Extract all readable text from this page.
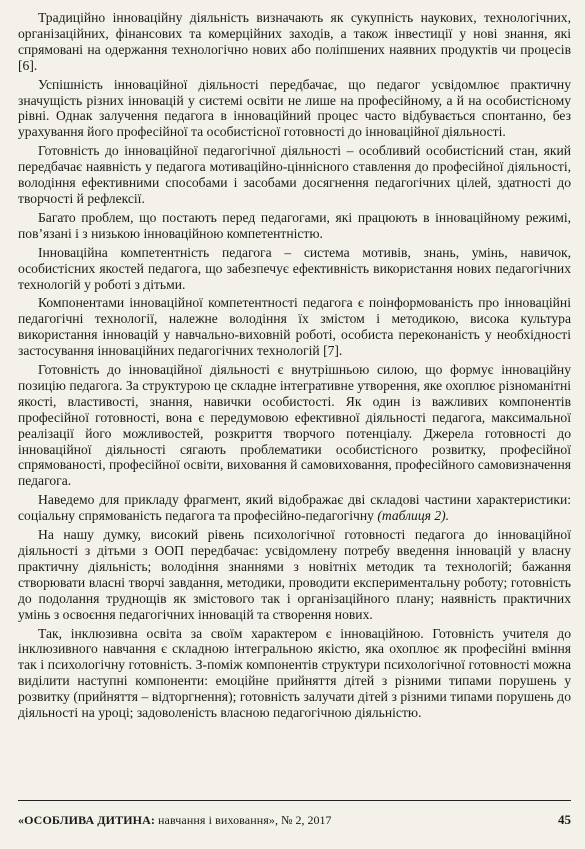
Традиційно інноваційну діяльність визначають як сукупність наукових, технологічних, організаційних, фінансових та комерційних заходів, а також інвестиції у нові знання, які спрямовані на одержання технологічно нових або поліпшених наявних продуктів чи процесів [6].

Успішність інноваційної діяльності передбачає, що педагог усвідомлює практичну значущість різних інновацій у системі освіти не лише на професійному, а й на особистісному рівні. Однак залучення педагога в інноваційний процес часто відбувається спонтанно, без урахування його професійної та особистісної готовності до інноваційної діяльності.

Готовність до інноваційної педагогічної діяльності – особливий особистісний стан, який передбачає наявність у педагога мотиваційно-ціннісного ставлення до професійної діяльності, володіння ефективними способами і засобами досягнення педагогічних цілей, здатності до творчості й рефлексії.

Багато проблем, що постають перед педагогами, які працюють в інноваційному режимі, пов’язані і з низькою інноваційною компетентністю.

Інноваційна компетентність педагога – система мотивів, знань, умінь, навичок, особистісних якостей педагога, що забезпечує ефективність використання нових педагогічних технологій у роботі з дітьми.

Компонентами інноваційної компетентності педагога є поінформованість про інноваційні педагогічні технології, належне володіння їх змістом і методикою, висока культура використання інновацій у навчально-виховній роботі, особиста переконаність у необхідності застосування інноваційних педагогічних технологій [7].

Готовність до інноваційної діяльності є внутрішньою силою, що формує інноваційну позицію педагога. За структурою це складне інтегративне утворення, яке охоплює різноманітні якості, властивості, знання, навички особистості. Як один із важливих компонентів професійної готовності, вона є передумовою ефективної діяльності педагога, максимальної реалізації його можливостей, розкриття творчого потенціалу. Джерела готовності до інноваційної діяльності сягають проблематики особистісного розвитку, професійної спрямованості, професійної освіти, виховання й самовиховання, професійного самовизначення педагога.

Наведемо для прикладу фрагмент, який відображає дві складові частини характеристики: соціальну спрямованість педагога та професійно-педагогічну (таблиця 2).

На нашу думку, високий рівень психологічної готовності педагога до інноваційної діяльності з дітьми з ООП передбачає: усвідомлену потребу введення інновацій у власну практичну діяльність; володіння знаннями з новітніх методик та технологій; бажання створювати власні творчі завдання, методики, проводити експериментальну роботу; готовність до подолання труднощів як змістового так і організаційного плану; наявність практичних умінь з освоєння педагогічних інновацій та створення нових.

Так, інклюзивна освіта за своїм характером є інноваційною. Готовність учителя до інклюзивного навчання є складною інтегральною якістю, яка охоплює як професійні вміння так і психологічну готовність. З-поміж компонентів структури психологічної готовності можна виділити наступні компоненти: емоційне прийняття дітей з різними типами порушень у розвитку (прийняття – відторгнення); готовність залучати дітей з різними типами порушень до діяльності на уроці; задоволеність власною педагогічною діяльністю.

«ОСОБЛИВА ДИТИНА: навчання і виховання», № 2, 2017	45
